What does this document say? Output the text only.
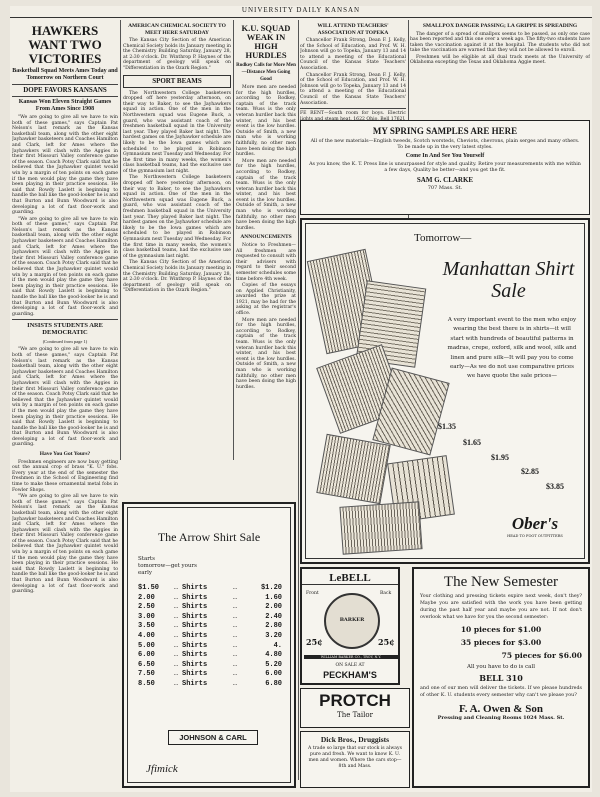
UNIVERSITY DAILY KANSAN
HAWKERS WANT TWO VICTORIES
Basketball Squad Meets Ames Today and Tomorrow on Northern Court
DOPE FAVORS KANSANS
Kansas Won Eleven Straight Games From Ames Since 1908

"We are going to give all we have to win both of these games," says Captain Pat Nelson's last remark as the Kansas basketball team, along with the other eight Jayhawker basketeers and Coaches Hamilton and Clark, left for Ames where the Jayhawkers will clash with the Aggies in their first Missouri Valley conference game of the season. Coach Potsy Clark said that he believed that the Jayhawker quintet would win by a margin of ten points on each game if the men would play the game they have been playing in their practice sessions. He said that Rowdy Laslett is beginning to handle the ball like the good-looker he is and that Burton and Bunn Woodward is also developing a lot of fast floor-work and guarding.

"We are going to give all we have to win both of these games," says Captain Pat Nelson's last remark as the Kansas basketball team, along with the other eight Jayhawker basketeers and Coaches Hamilton and Clark, left for Ames where the Jayhawkers will clash with the Aggies in their first Missouri Valley conference game of the season. Coach Potsy Clark said that he believed that the Jayhawker quintet would win by a margin of ten points on each game if the men would play the game they have been playing in their practice sessions. He said that Rowdy Laslett is beginning to handle the ball like the good-looker he is and that Burton and Bunn Woodward is also developing a lot of fast floor-work and guarding.

INSISTS STUDENTS ARE DEMOCRATIC
(Continued from page 1)

"We are going to give all we have to win both of these games," says Captain Pat Nelson's last remark as the Kansas basketball team, along with the other eight Jayhawker basketeers and Coaches Hamilton and Clark, left for Ames where the Jayhawkers will clash with the Aggies in their first Missouri Valley conference game of the season. Coach Potsy Clark said that he believed that the Jayhawker quintet would win by a margin of ten points on each game if the men would play the game they have been playing in their practice sessions. He said that Rowdy Laslett is beginning to handle the ball like the good-looker he is and that Burton and Bunn Woodward is also developing a lot of fast floor-work and guarding.

Have You Got Yours?

Freshmen engineers are now busy getting out the annual crop of brass "K. U." fobs. Every year at the end of the semester the freshmen in the School of Engineering find time to make these ornamental metal fobs in Fowler Shops.

"We are going to give all we have to win both of these games," says Captain Pat Nelson's last remark as the Kansas basketball team, along with the other eight Jayhawker basketeers and Coaches Hamilton and Clark, left for Ames where the Jayhawkers will clash with the Aggies in their first Missouri Valley conference game of the season. Coach Potsy Clark said that he believed that the Jayhawker quintet would win by a margin of ten points on each game if the men would play the game they have been playing in their practice sessions. He said that Rowdy Laslett is beginning to handle the ball like the good-looker he is and that Burton and Bunn Woodward is also developing a lot of fast floor-work and guarding.

AMERICAN CHEMICAL SOCIETY TO MEET HERE SATURDAY

The Kansas City Section of the American Chemical Society holds its January meeting in the Chemistry Building Saturday, January 28, at 2:30 o'clock. Dr. Winthrop P. Haynes of the department of geology will speak on "Differentiation in the Ozark Region."

SPORT BEAMS

The Northwestern College basketeers dropped off here yesterday afternoon, on their way to Baker, to see the Jayhawkers squad in action. One of the men in the Northwestern squad was Eugene Buck, a guard, who was assistant coach of the freshmen basketball squad in the University last year. They played Baker last night. The hardest games on the Jayhawker schedule are likely to be the Iowa games which are scheduled to be played in Robinson Gymnasium next Tuesday and Wednesday. For the first time in many weeks, the women's class basketball teams, had the exclusive use of the gymnasium last night.

The Northwestern College basketeers dropped off here yesterday afternoon, on their way to Baker, to see the Jayhawkers squad in action. One of the men in the Northwestern squad was Eugene Buck, a guard, who was assistant coach of the freshmen basketball squad in the University last year. They played Baker last night. The hardest games on the Jayhawker schedule are likely to be the Iowa games which are scheduled to be played in Robinson Gymnasium next Tuesday and Wednesday. For the first time in many weeks, the women's class basketball teams, had the exclusive use of the gymnasium last night.

The Kansas City Section of the American Chemical Society holds its January meeting in the Chemistry Building Saturday, January 28, at 2:30 o'clock. Dr. Winthrop P. Haynes of the department of geology will speak on "Differentiation in the Ozark Region."

K.U. SQUAD WEAK IN HIGH HURDLES
Rodkey Calls for More Men—Distance Men Going Good

More men are needed for the high hurdles, according to Rodkey, captain of the track team. Wuss is the only veteran hurdler back this winter, and his best event is the low hurdles. Outside of Smith, a new man who is working faithfully, no other men have been doing the high hurdles.

More men are needed for the high hurdles, according to Rodkey, captain of the track team. Wuss is the only veteran hurdler back this winter, and his best event is the low hurdles. Outside of Smith, a new man who is working faithfully, no other men have been doing the high hurdles.

ANNOUNCEMENTS

Notice to Freshmen—All freshmen are requested to consult with their advisers with regard to their second semester schedules some time before 4th week.

Copies of the essays on Applied Christianity, awarded the prize at 1921, may be had for the asking at the registrar's office.

More men are needed for the high hurdles, according to Rodkey, captain of the track team. Wuss is the only veteran hurdler back this winter, and his best event is the low hurdles. Outside of Smith, a new man who is working faithfully, no other men have been doing the high hurdles.

WILL ATTEND TEACHERS' ASSOCIATION AT TOPEKA

Chancellor Frank Strong, Dean F. J. Kelly, of the School of Education, and Prof. W. H. Johnson will go to Topeka, January 13 and 14 to attend a meeting of the Educational Council of the Kansas State Teachers' Association.

Chancellor Frank Strong, Dean F. J. Kelly, of the School of Education, and Prof. W. H. Johnson will go to Topeka, January 13 and 14 to attend a meeting of the Educational Council of the Kansas State Teachers' Association.

FE RENT—South room for boys. Electric

SMALLPOX DANGER PASSING; LA GRIPPE IS SPREADING

The danger of a spread of smallpox seems to be passed, as only one case has been reported and this one over a week ago. The fifty-two students have taken the vaccination against it at the hospital. The students who did not take the vaccination are warned that they will not be allowed to enroll.

Freshmen will be eligible at all dual track meets at the University of Oklahoma excepting the Texas and Oklahoma Aggie meet.

MY SPRING SAMPLES ARE HERE
All of the new materials—English tweeds, Scotch worsteds, Cheviots, chevrons, plain serges and many others. To be made up in the very latest styles.
Come In And See You Yourself
As you know, the K. T. Press line is unsurpassed for style and quality. Retire your measurements with me within a few days, Quality be better—and you get the fit.
SAM G. CLARKE
707 Mass. St.
Tomorrow—
Manhattan Shirt Sale
A very important event to the men who enjoy wearing the best there is in shirts—it will start with hundreds of beautiful patterns in madras, crepe, oxford, silk and wool, silk and linen and pure silk—It will pay you to come early—As we do not use comparative prices we have quote the sale prices—
$1.35
$1.65
$1.95
$2.85
$3.85
Ober's
HEAD TO FOOT OUTFITTERS
The Arrow Shirt Sale
Starts
tomorrow—get yours
early
$1.50	… Shirts	…	$1.20
2.00	… Shirts	…	1.60
2.50	… Shirts	…	2.00
3.00	… Shirts	…	2.40
3.50	… Shirts	…	2.80
4.00	… Shirts	…	3.20
5.00	… Shirts	…	4.
6.00	… Shirts	…	4.80
6.50	… Shirts	…	5.20
7.50	… Shirts	…	6.00
8.50	… Shirts	…	6.80
JOHNSON & CARL
Jfimick
LeBELL
Front	Back
BARKER
25¢	25¢
WILLIAM BARKER CO., TROY, N.Y.
ON SALE AT
PECKHAM'S
PROTCH
The Tailor
Dick Bros., Druggists
A trade so large that our stock is always pure and fresh. We want to know K. U. men and women. Where the cars stop—8th and Mass.
The New Semester
Your clothing and pressing tickets expire next week, don't they? Maybe you are satisfied with the work you have been getting during the past half year and maybe you are not. If not don't overlook what we have for you the second semester:
10 pieces for $1.00
35 pieces for $3.00
75 pieces for $6.00
All you have to do is call
BELL 310
and one of our men will deliver the tickets. If we please hundreds of other K. U. students every semester why can't we please you?
F. A. Owen & Son
Pressing and Cleaning Rooms 1024 Mass. St.
